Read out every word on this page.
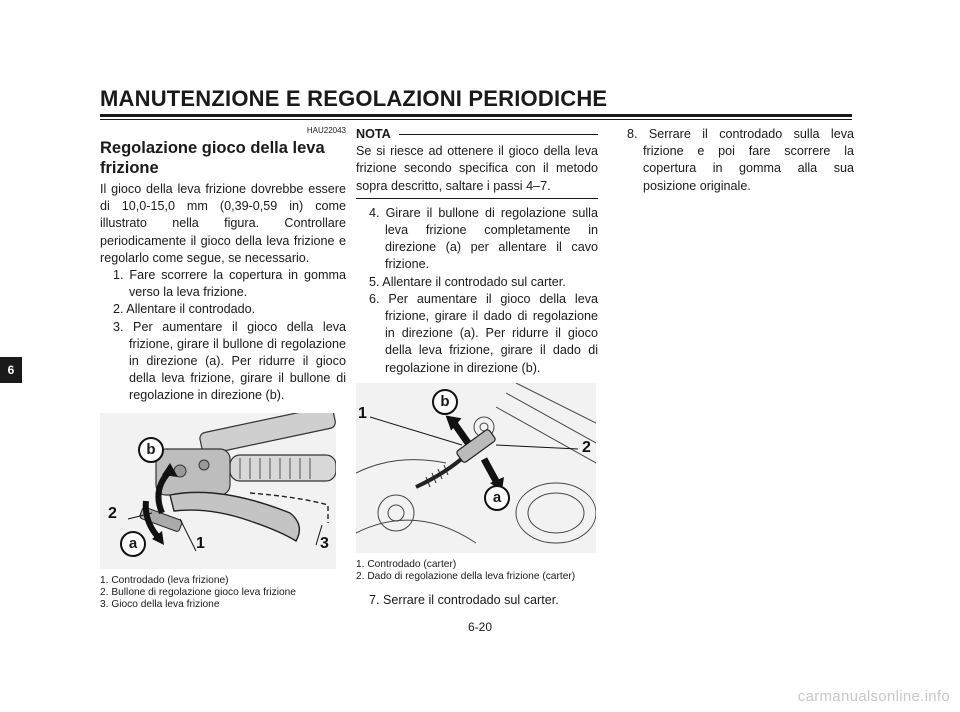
MANUTENZIONE E REGOLAZIONI PERIODICHE
6
HAU22043
Regolazione gioco della leva frizione
Il gioco della leva frizione dovrebbe essere di 10,0-15,0 mm (0,39-0,59 in) come illustrato nella figura. Controllare periodicamente il gioco della leva frizione e regolarlo come segue, se necessario.
1. Fare scorrere la copertura in gomma verso la leva frizione.
2. Allentare il controdado.
3. Per aumentare il gioco della leva frizione, girare il bullone di regolazione in direzione (a). Per ridurre il gioco della leva frizione, girare il bullone di regolazione in direzione (b).
b
2
a	1	3
1. Controdado (leva frizione)
2. Bullone di regolazione gioco leva frizione
3. Gioco della leva frizione
NOTA
Se si riesce ad ottenere il gioco della leva frizione secondo specifica con il metodo sopra descritto, saltare i passi 4–7.
4. Girare il bullone di regolazione sulla leva frizione completamente in direzione (a) per allentare il cavo frizione.
5. Allentare il controdado sul carter.
6. Per aumentare il gioco della leva frizione, girare il dado di regolazione in direzione (a). Per ridurre il gioco della leva frizione, girare il dado di regolazione in direzione (b).
1
b
2
a
1. Controdado (carter)
2. Dado di regolazione della leva frizione (carter)
7. Serrare il controdado sul carter.
8. Serrare il controdado sulla leva frizione e poi fare scorrere la copertura in gomma alla sua posizione originale.
6-20
carmanualsonline.info
